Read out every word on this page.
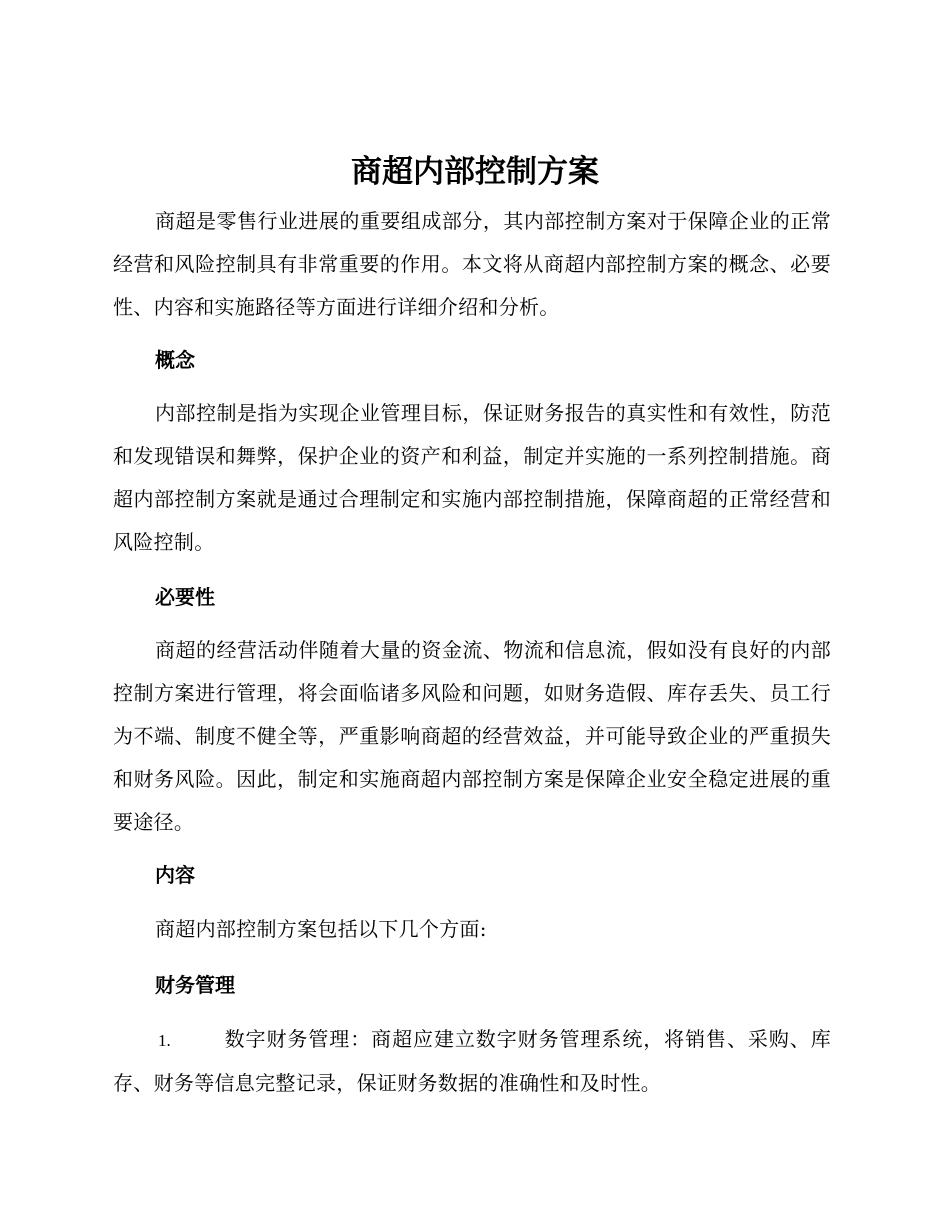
商超内部控制方案

商超是零售行业进展的重要组成部分，其内部控制方案对于保障企业的正常经营和风险控制具有非常重要的作用。本文将从商超内部控制方案的概念、必要性、内容和实施路径等方面进行详细介绍和分析。

概念

内部控制是指为实现企业管理目标，保证财务报告的真实性和有效性，防范和发现错误和舞弊，保护企业的资产和利益，制定并实施的一系列控制措施。商超内部控制方案就是通过合理制定和实施内部控制措施，保障商超的正常经营和风险控制。

必要性

商超的经营活动伴随着大量的资金流、物流和信息流，假如没有良好的内部控制方案进行管理，将会面临诸多风险和问题，如财务造假、库存丢失、员工行为不端、制度不健全等，严重影响商超的经营效益，并可能导致企业的严重损失和财务风险。因此，制定和实施商超内部控制方案是保障企业安全稳定进展的重要途径。

内容

商超内部控制方案包括以下几个方面:

财务管理

1.	数字财务管理：商超应建立数字财务管理系统，将销售、采购、库存、财务等信息完整记录，保证财务数据的准确性和及时性。
